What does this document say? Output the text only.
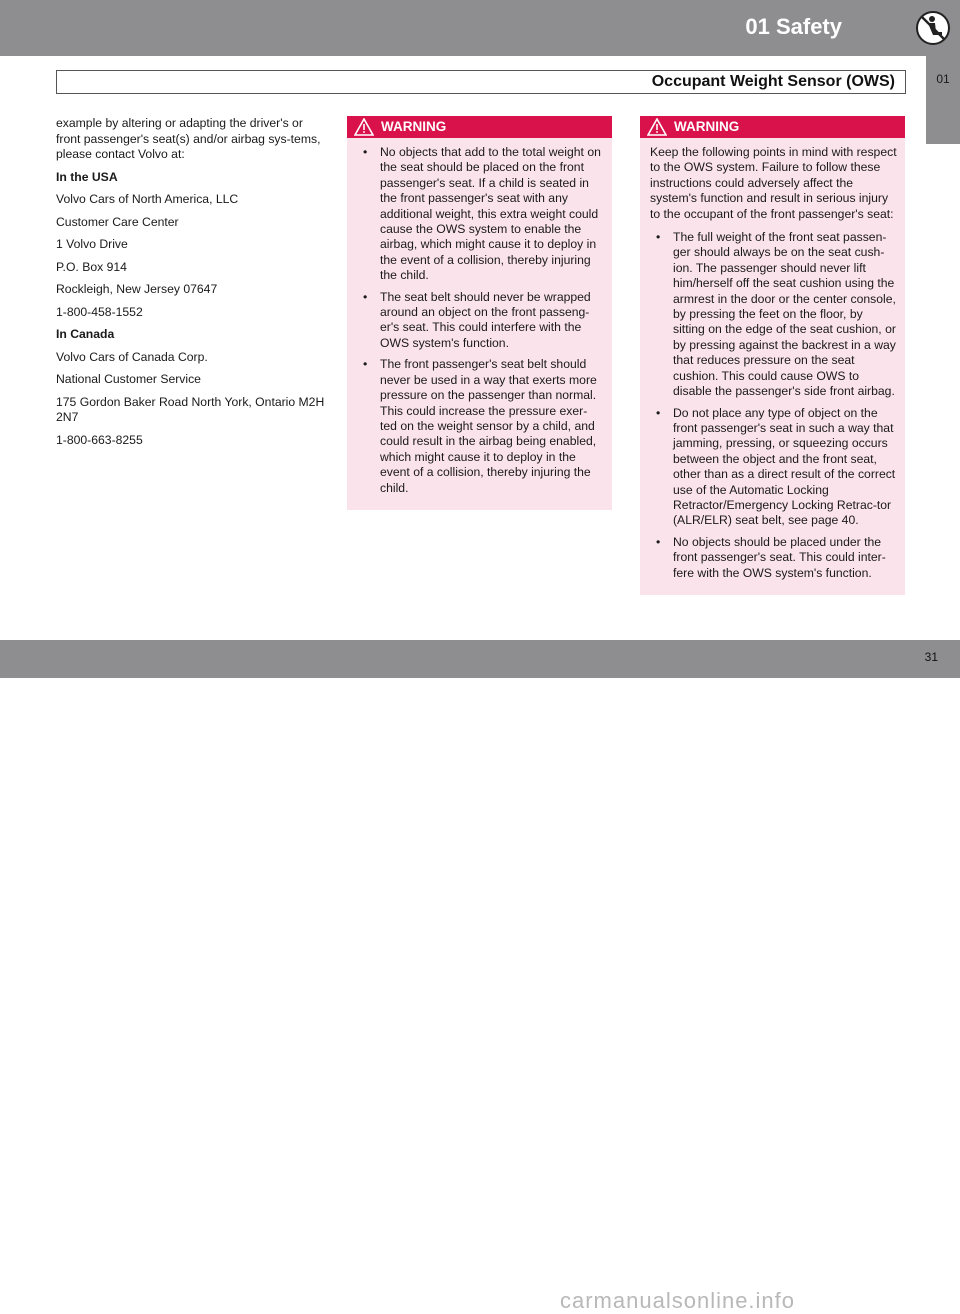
01 Safety
01
Occupant Weight Sensor (OWS)

example by altering or adapting the driver's or front passenger's seat(s) and/or airbag sys-tems, please contact Volvo at:

In the USA

Volvo Cars of North America, LLC

Customer Care Center

1 Volvo Drive

P.O. Box 914

Rockleigh, New Jersey 07647

1-800-458-1552

In Canada

Volvo Cars of Canada Corp.

National Customer Service

175 Gordon Baker Road North York, Ontario M2H 2N7

1-800-663-8255

WARNING
• No objects that add to the total weight on the seat should be placed on the front passenger's seat. If a child is seated in the front passenger's seat with any additional weight, this extra weight could cause the OWS system to enable the airbag, which might cause it to deploy in the event of a collision, thereby injuring the child.
• The seat belt should never be wrapped around an object on the front passeng-er's seat. This could interfere with the OWS system's function.
• The front passenger's seat belt should never be used in a way that exerts more pressure on the passenger than normal. This could increase the pressure exer-ted on the weight sensor by a child, and could result in the airbag being enabled, which might cause it to deploy in the event of a collision, thereby injuring the child.
WARNING

Keep the following points in mind with respect to the OWS system. Failure to follow these instructions could adversely affect the system's function and result in serious injury to the occupant of the front passenger's seat:

• The full weight of the front seat passen-ger should always be on the seat cush-ion. The passenger should never lift him/herself off the seat cushion using the armrest in the door or the center console, by pressing the feet on the floor, by sitting on the edge of the seat cushion, or by pressing against the backrest in a way that reduces pressure on the seat cushion. This could cause OWS to disable the passenger's side front airbag.
• Do not place any type of object on the front passenger's seat in such a way that jamming, pressing, or squeezing occurs between the object and the front seat, other than as a direct result of the correct use of the Automatic Locking Retractor/Emergency Locking Retrac-tor (ALR/ELR) seat belt, see page 40.
• No objects should be placed under the front passenger's seat. This could inter-fere with the OWS system's function.
carmanualsonline.info
31
